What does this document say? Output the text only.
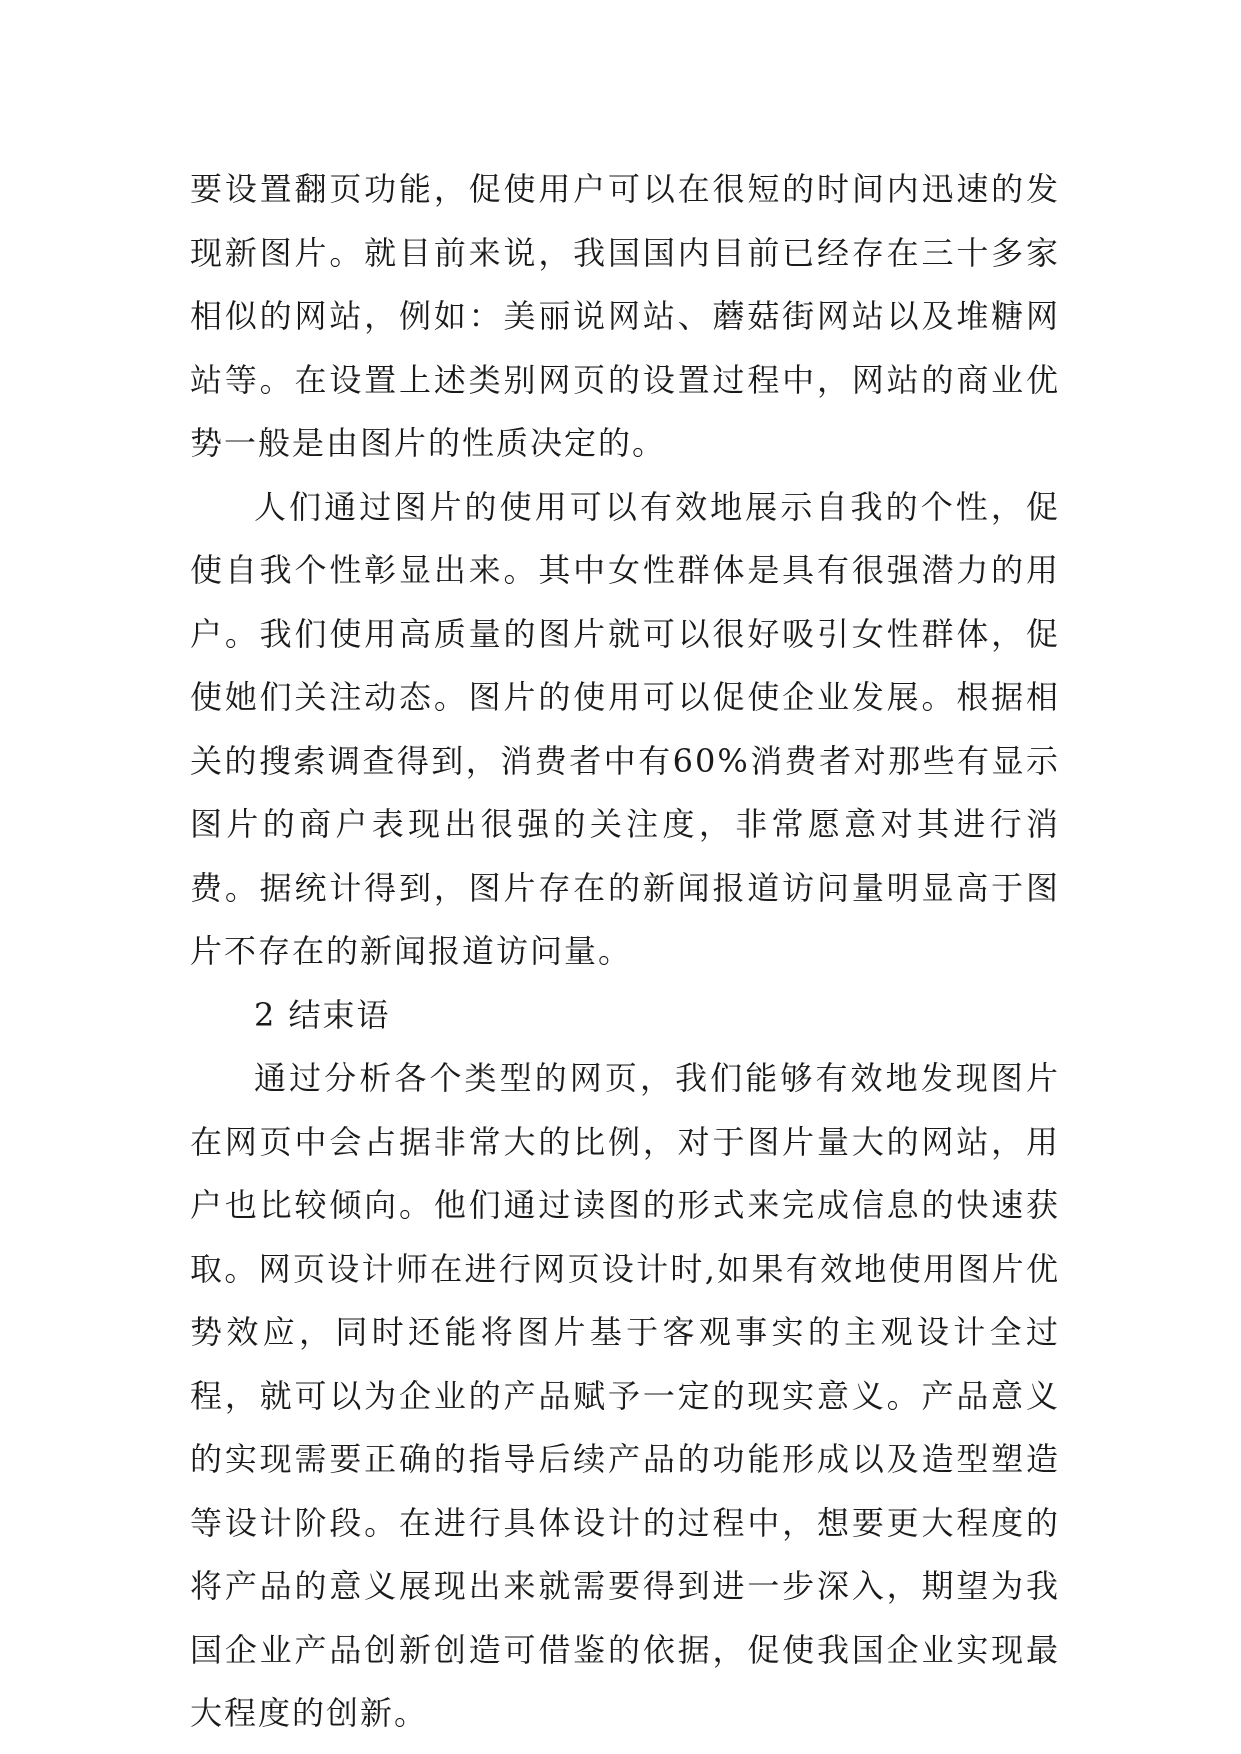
要设置翻页功能，促使用户可以在很短的时间内迅速的发现新图片。就目前来说，我国国内目前已经存在三十多家相似的网站，例如：美丽说网站、蘑菇街网站以及堆糖网站等。在设置上述类别网页的设置过程中，网站的商业优势一般是由图片的性质决定的。

人们通过图片的使用可以有效地展示自我的个性，促使自我个性彰显出来。其中女性群体是具有很强潜力的用户。我们使用高质量的图片就可以很好吸引女性群体，促使她们关注动态。图片的使用可以促使企业发展。根据相关的搜索调查得到，消费者中有60%消费者对那些有显示图片的商户表现出很强的关注度，非常愿意对其进行消费。据统计得到，图片存在的新闻报道访问量明显高于图片不存在的新闻报道访问量。

2 结束语

通过分析各个类型的网页，我们能够有效地发现图片在网页中会占据非常大的比例，对于图片量大的网站，用户也比较倾向。他们通过读图的形式来完成信息的快速获取。网页设计师在进行网页设计时,如果有效地使用图片优势效应，同时还能将图片基于客观事实的主观设计全过程，就可以为企业的产品赋予一定的现实意义。产品意义的实现需要正确的指导后续产品的功能形成以及造型塑造等设计阶段。在进行具体设计的过程中，想要更大程度的将产品的意义展现出来就需要得到进一步深入，期望为我国企业产品创新创造可借鉴的依据，促使我国企业实现最大程度的创新。
